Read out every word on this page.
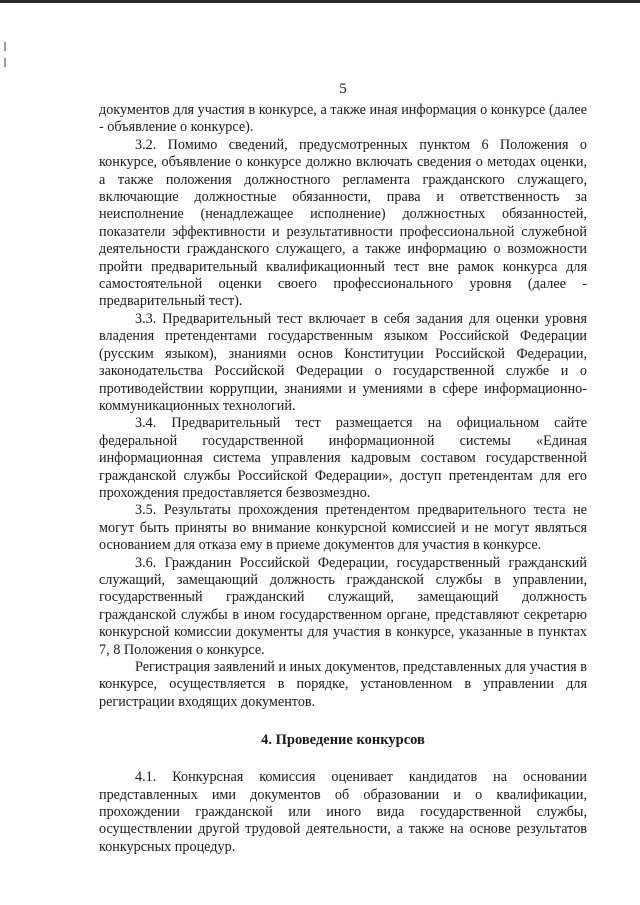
5

документов для участия в конкурсе, а также иная информация о конкурсе (далее - объявление о конкурсе).

3.2. Помимо сведений, предусмотренных пунктом 6 Положения о конкурсе, объявление о конкурсе должно включать сведения о методах оценки, а также положения должностного регламента гражданского служащего, включающие должностные обязанности, права и ответственность за неисполнение (ненадлежащее исполнение) должностных обязанностей, показатели эффективности и результативности профессиональной служебной деятельности гражданского служащего, а также информацию о возможности пройти предварительный квалификационный тест вне рамок конкурса для самостоятельной оценки своего профессионального уровня (далее - предварительный тест).

3.3. Предварительный тест включает в себя задания для оценки уровня владения претендентами государственным языком Российской Федерации (русским языком), знаниями основ Конституции Российской Федерации, законодательства Российской Федерации о государственной службе и о противодействии коррупции, знаниями и умениями в сфере информационно-коммуникационных технологий.

3.4. Предварительный тест размещается на официальном сайте федеральной государственной информационной системы «Единая информационная система управления кадровым составом государственной гражданской службы Российской Федерации», доступ претендентам для его прохождения предоставляется безвозмездно.

3.5. Результаты прохождения претендентом предварительного теста не могут быть приняты во внимание конкурсной комиссией и не могут являться основанием для отказа ему в приеме документов для участия в конкурсе.

3.6. Гражданин Российской Федерации, государственный гражданский служащий, замещающий должность гражданской службы в управлении, государственный гражданский служащий, замещающий должность гражданской службы в ином государственном органе, представляют секретарю конкурсной комиссии документы для участия в конкурсе, указанные в пунктах 7, 8 Положения о конкурсе.

Регистрация заявлений и иных документов, представленных для участия в конкурсе, осуществляется в порядке, установленном в управлении для регистрации входящих документов.

4. Проведение конкурсов

4.1. Конкурсная комиссия оценивает кандидатов на основании представленных ими документов об образовании и о квалификации, прохождении гражданской или иного вида государственной службы, осуществлении другой трудовой деятельности, а также на основе результатов конкурсных процедур.
